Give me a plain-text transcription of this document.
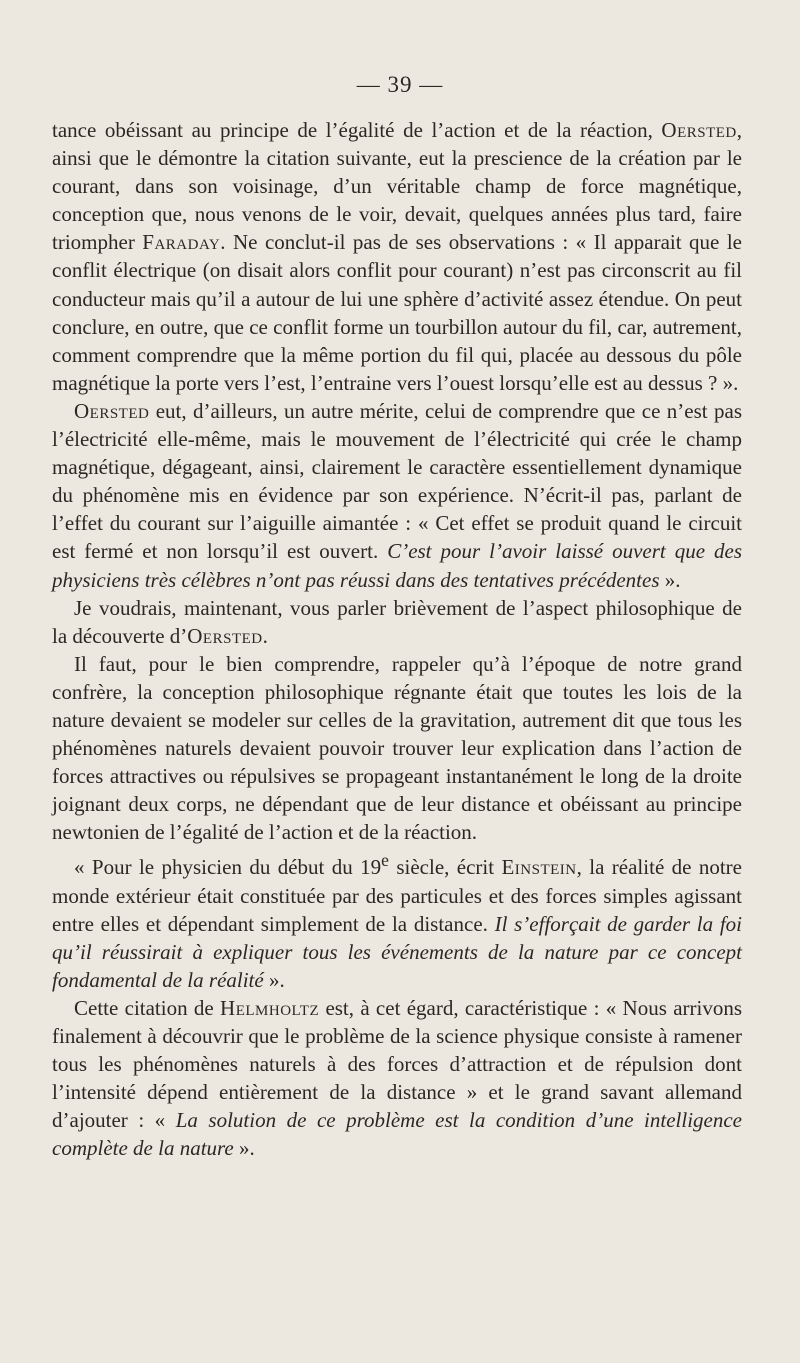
— 39 —

tance obéissant au principe de l’égalité de l’action et de la réaction, Oersted, ainsi que le démontre la citation suivante, eut la prescience de la création par le courant, dans son voisinage, d’un véritable champ de force magnétique, conception que, nous venons de le voir, devait, quelques années plus tard, faire triompher Faraday. Ne conclut-il pas de ses observations : « Il apparait que le conflit électrique (on disait alors conflit pour courant) n’est pas circonscrit au fil conducteur mais qu’il a autour de lui une sphère d’activité assez étendue. On peut conclure, en outre, que ce conflit forme un tourbillon autour du fil, car, autrement, comment comprendre que la même portion du fil qui, placée au dessous du pôle magnétique la porte vers l’est, l’entraine vers l’ouest lorsqu’elle est au dessus ? ».

Oersted eut, d’ailleurs, un autre mérite, celui de comprendre que ce n’est pas l’électricité elle-même, mais le mouvement de l’électricité qui crée le champ magnétique, dégageant, ainsi, clairement le caractère essentiellement dynamique du phénomène mis en évidence par son expérience. N’écrit-il pas, parlant de l’effet du courant sur l’aiguille aimantée : « Cet effet se produit quand le circuit est fermé et non lorsqu’il est ouvert. C’est pour l’avoir laissé ouvert que des physiciens très célèbres n’ont pas réussi dans des tentatives précédentes ».

Je voudrais, maintenant, vous parler brièvement de l’aspect philosophique de la découverte d’Oersted.

Il faut, pour le bien comprendre, rappeler qu’à l’époque de notre grand confrère, la conception philosophique régnante était que toutes les lois de la nature devaient se modeler sur celles de la gravitation, autrement dit que tous les phénomènes naturels devaient pouvoir trouver leur explication dans l’action de forces attractives ou répulsives se propageant instantanément le long de la droite joignant deux corps, ne dépendant que de leur distance et obéissant au principe newtonien de l’égalité de l’action et de la réaction.

« Pour le physicien du début du 19e siècle, écrit Einstein, la réalité de notre monde extérieur était constituée par des particules et des forces simples agissant entre elles et dépendant simplement de la distance. Il s’efforçait de garder la foi qu’il réussirait à expliquer tous les événements de la nature par ce concept fondamental de la réalité ».

Cette citation de Helmholtz est, à cet égard, caractéristique : « Nous arrivons finalement à découvrir que le problème de la science physique consiste à ramener tous les phénomènes naturels à des forces d’attraction et de répulsion dont l’intensité dépend entièrement de la distance » et le grand savant allemand d’ajouter : « La solution de ce problème est la condition d’une intelligence complète de la nature ».
